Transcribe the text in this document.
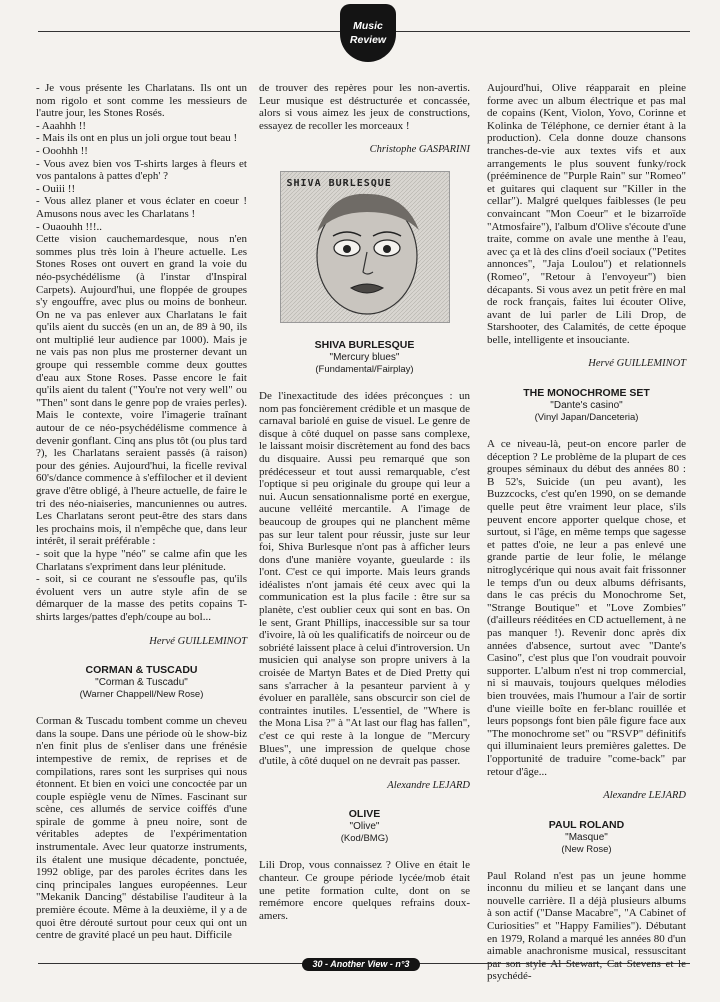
Music
Review

- Je vous présente les Charlatans. Ils ont un nom rigolo et sont comme les messieurs de l'autre jour, les Stones Rosés.

- Aaahhh !!

- Mais ils ont en plus un joli orgue tout beau !

- Ooohhh !!

- Vous avez bien vos T-shirts larges à fleurs et vos pantalons à pattes d'eph' ?

- Ouiii !!

- Vous allez planer et vous éclater en coeur ! Amusons nous avec les Charlatans !

- Ouaouhh !!!..

Cette vision cauchemardesque, nous n'en sommes plus très loin à l'heure actuelle. Les Stones Roses ont ouvert en grand la voie du néo-psychédélisme (à l'instar d'Inspiral Carpets). Aujourd'hui, une floppée de groupes s'y engouffre, avec plus ou moins de bonheur. On ne va pas enlever aux Charlatans le fait qu'ils aient du succès (en un an, de 89 à 90, ils ont multiplié leur audience par 1000). Mais je ne vais pas non plus me prosterner devant un groupe qui ressemble comme deux gouttes d'eau aux Stone Roses. Passe encore le fait qu'ils aient du talent ("You're not very well" ou "Then" sont dans le genre pop de vraies perles). Mais le contexte, voire l'imagerie traînant autour de ce néo-psychédélisme commence à devenir gonflant. Cinq ans plus tôt (ou plus tard ?), les Charlatans seraient passés (à raison) pour des génies. Aujourd'hui, la ficelle revival 60's/dance commence à s'effilocher et il devient grave d'être obligé, à l'heure actuelle, de faire le tri des néo-niaiseries, mancuniennes ou autres. Les Charlatans seront peut-être des stars dans les prochains mois, il n'empêche que, dans leur intérêt, il serait préférable :

- soit que la hype "néo" se calme afin que les Charlatans s'expriment dans leur plénitude.

- soit, si ce courant ne s'essoufle pas, qu'ils évoluent vers un autre style afin de se démarquer de la masse des petits copains T-shirts larges/pattes d'eph/coupe au bol...

Hervé GUILLEMINOT
CORMAN & TUSCADU
"Corman & Tuscadu"
(Warner Chappell/New Rose)

Corman & Tuscadu tombent comme un cheveu dans la soupe. Dans une période où le show-biz n'en finit plus de s'enliser dans une frénésie intempestive de remix, de reprises et de compilations, rares sont les surprises qui nous étonnent. Et bien en voici une concoctée par un couple espiègle venu de Nîmes. Fascinant sur scène, ces allumés de service coiffés d'une spirale de gomme à pneu noire, sont de véritables adeptes de l'expérimentation instrumentale. Avec leur quatorze instruments, ils étalent une musique décadente, ponctuée, 1992 oblige, par des paroles écrites dans les cinq principales langues européennes. Leur "Mekanik Dancing" déstabilise l'auditeur à la première écoute. Même à la deuxième, il y a de quoi être dérouté surtout pour ceux qui ont un centre de gravité placé un peu haut. Difficile

de trouver des repères pour les non-avertis. Leur musique est déstructurée et concassée, alors si vous aimez les jeux de constructions, essayez de recoller les morceaux !

Christophe GASPARINI
SHIVA BURLESQUE
SHIVA BURLESQUE
"Mercury blues"
(Fundamental/Fairplay)

De l'inexactitude des idées préconçues : un nom pas foncièrement crédible et un masque de carnaval bariolé en guise de visuel. Le genre de disque à côté duquel on passe sans complexe, le laissant moisir discrètement au fond des bacs du disquaire. Aussi peu remarqué que son prédécesseur et tout aussi remarquable, c'est l'optique si peu originale du groupe qui leur a nui. Aucun sensationnalisme porté en exergue, aucune velléité mercantile. A l'image de beaucoup de groupes qui ne planchent même pas sur leur talent pour réussir, juste sur leur foi, Shiva Burlesque n'ont pas à afficher leurs dons d'une manière voyante, gueularde : ils l'ont. C'est ce qui importe. Mais leurs grands idéalistes n'ont jamais été ceux avec qui la communication est la plus facile : être sur sa planète, c'est oublier ceux qui sont en bas. On le sent, Grant Phillips, inaccessible sur sa tour d'ivoire, là où les qualificatifs de noirceur ou de sobriété laissent place à celui d'introversion. Un musicien qui analyse son propre univers à la croisée de Martyn Bates et de Died Pretty qui sans s'arracher à la pesanteur parvient à y évoluer en parallèle, sans obscurcir son ciel de contraintes inutiles. L'essentiel, de "Where is the Mona Lisa ?" à "At last our flag has fallen", c'est ce qui reste à la longue de "Mercury Blues", une impression de quelque chose d'utile, à côté duquel on ne devrait pas passer.

Alexandre LEJARD
OLIVE
"Olive"
(Kod/BMG)

Lili Drop, vous connaissez ? Olive en était le chanteur. Ce groupe période lycée/mob était une petite formation culte, dont on se remémore encore quelques refrains doux-amers.

Aujourd'hui, Olive réapparait en pleine forme avec un album électrique et pas mal de copains (Kent, Violon, Yovo, Corinne et Kolinka de Téléphone, ce dernier étant à la production). Cela donne douze chansons tranches-de-vie aux textes vifs et aux arrangements le plus souvent funky/rock (prééminence de "Purple Rain" sur "Romeo" et guitares qui claquent sur "Killer in the cellar"). Malgré quelques faiblesses (le peu convaincant "Mon Coeur" et le bizarroïde "Atmosfaire"), l'album d'Olive s'écoute d'une traite, comme on avale une menthe à l'eau, avec ça et là des clins d'oeil sociaux ("Petites annonces", "Jaja Loulou") et relationnels (Romeo", "Retour à l'envoyeur") bien décapants. Si vous avez un petit frère en mal de rock français, faites lui écouter Olive, avant de lui parler de Lili Drop, de Starshooter, des Calamités, de cette époque belle, intelligente et insouciante.

Hervé GUILLEMINOT
THE MONOCHROME SET
"Dante's casino"
(Vinyl Japan/Danceteria)

A ce niveau-là, peut-on encore parler de déception ? Le problème de la plupart de ces groupes séminaux du début des années 80 : B 52's, Suicide (un peu avant), les Buzzcocks, c'est qu'en 1990, on se demande quelle peut être vraiment leur place, s'ils peuvent encore apporter quelque chose, et surtout, si l'âge, en même temps que sagesse et pattes d'oie, ne leur a pas enlevé une grande partie de leur folie, le mélange nitroglycérique qui nous avait fait frissonner le temps d'un ou deux albums défrisants, dans le cas précis du Monochrome Set, "Strange Boutique" et "Love Zombies" (d'ailleurs rééditées en CD actuellement, à ne pas manquer !). Revenir donc après dix années d'absence, surtout avec "Dante's Casino", c'est plus que l'on voudrait pouvoir supporter. L'album n'est ni trop commercial, ni si mauvais, toujours quelques mélodies bien trouvées, mais l'humour a l'air de sortir d'une vieille boîte en fer-blanc rouillée et leurs popsongs font bien pâle figure face aux "The monochrome set" ou "RSVP" définitifs qui illuminaient leurs premières galettes. De l'opportunité de traduire "come-back" par retour d'âge...

Alexandre LEJARD
PAUL ROLAND
"Masque"
(New Rose)

Paul Roland n'est pas un jeune homme inconnu du milieu et se lançant dans une nouvelle carrière. Il a déjà plusieurs albums à son actif ("Danse Macabre", "A Cabinet of Curiosities" et "Happy Families"). Débutant en 1979, Roland a marqué les années 80 d'un aimable anachronisme musical, ressuscitant psychédé-

30 - Another View - n°3
